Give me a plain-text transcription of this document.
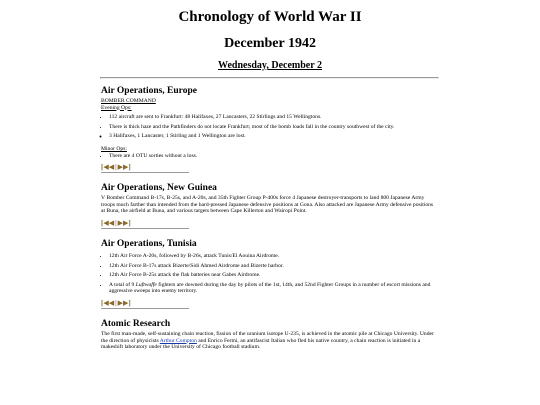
Chronology of World War II
December 1942
Wednesday, December 2
Air Operations, Europe
BOMBER COMMAND
Evening Ops:
• 112 aircraft are sent to Frankfurt: 48 Halifaxes, 27 Lancasters, 22 Stirlings and 15 Wellingtons.
• There is thick haze and the Pathfinders do not locate Frankfurt; most of the bomb loads fall in the country southwest of the city.
◦ 3 Halifaxes, 1 Lancaster, 1 Stirling and 1 Wellington are lost.
Minor Ops:
• There are 4 OTU sorties without a loss.
[◀◀ | ▶▶]
Air Operations, New Guinea

V Bomber Command B-17s, B-25s, and A-20s, and 35th Fighter Group P-400s force 4 Japanese destroyer-transports to land 800 Japanese Army troops much farther than intended from the hard-pressed Japanese defensive positions at Gona. Also attacked are Japanese Army defensive positions at Buna, the airfield at Buna, and various targets between Cape Killerton and Wairopi Point.

[◀◀ | ▶▶]
Air Operations, Tunisia
• 12th Air Force A-20s, followed by B-26s, attack Tunis/El Aouina Airdrome.
• 12th Air Force B-17s attack Bizerte/Sidi Ahmed Airdrome and Bizerte harbor.
• 12th Air Force B-25s attack the flak batteries near Gabes Airdrome.
• A total of 9 Luftwaffe fighters are downed during the day by pilots of the 1st, 14th, and 52nd Fighter Groups in a number of escort missions and aggressive sweeps into enemy territory.
[◀◀ | ▶▶]
Atomic Research

The first man-made, self-sustaining chain reaction, fission of the uranium isotope U-235, is achieved in the atomic pile at Chicago University. Under the direction of physicists Arthur Compton and Enrico Fermi, an antifascist Italian who fled his native country, a chain reaction is initiated in a makeshift laboratory under the University of Chicago football stadium.
